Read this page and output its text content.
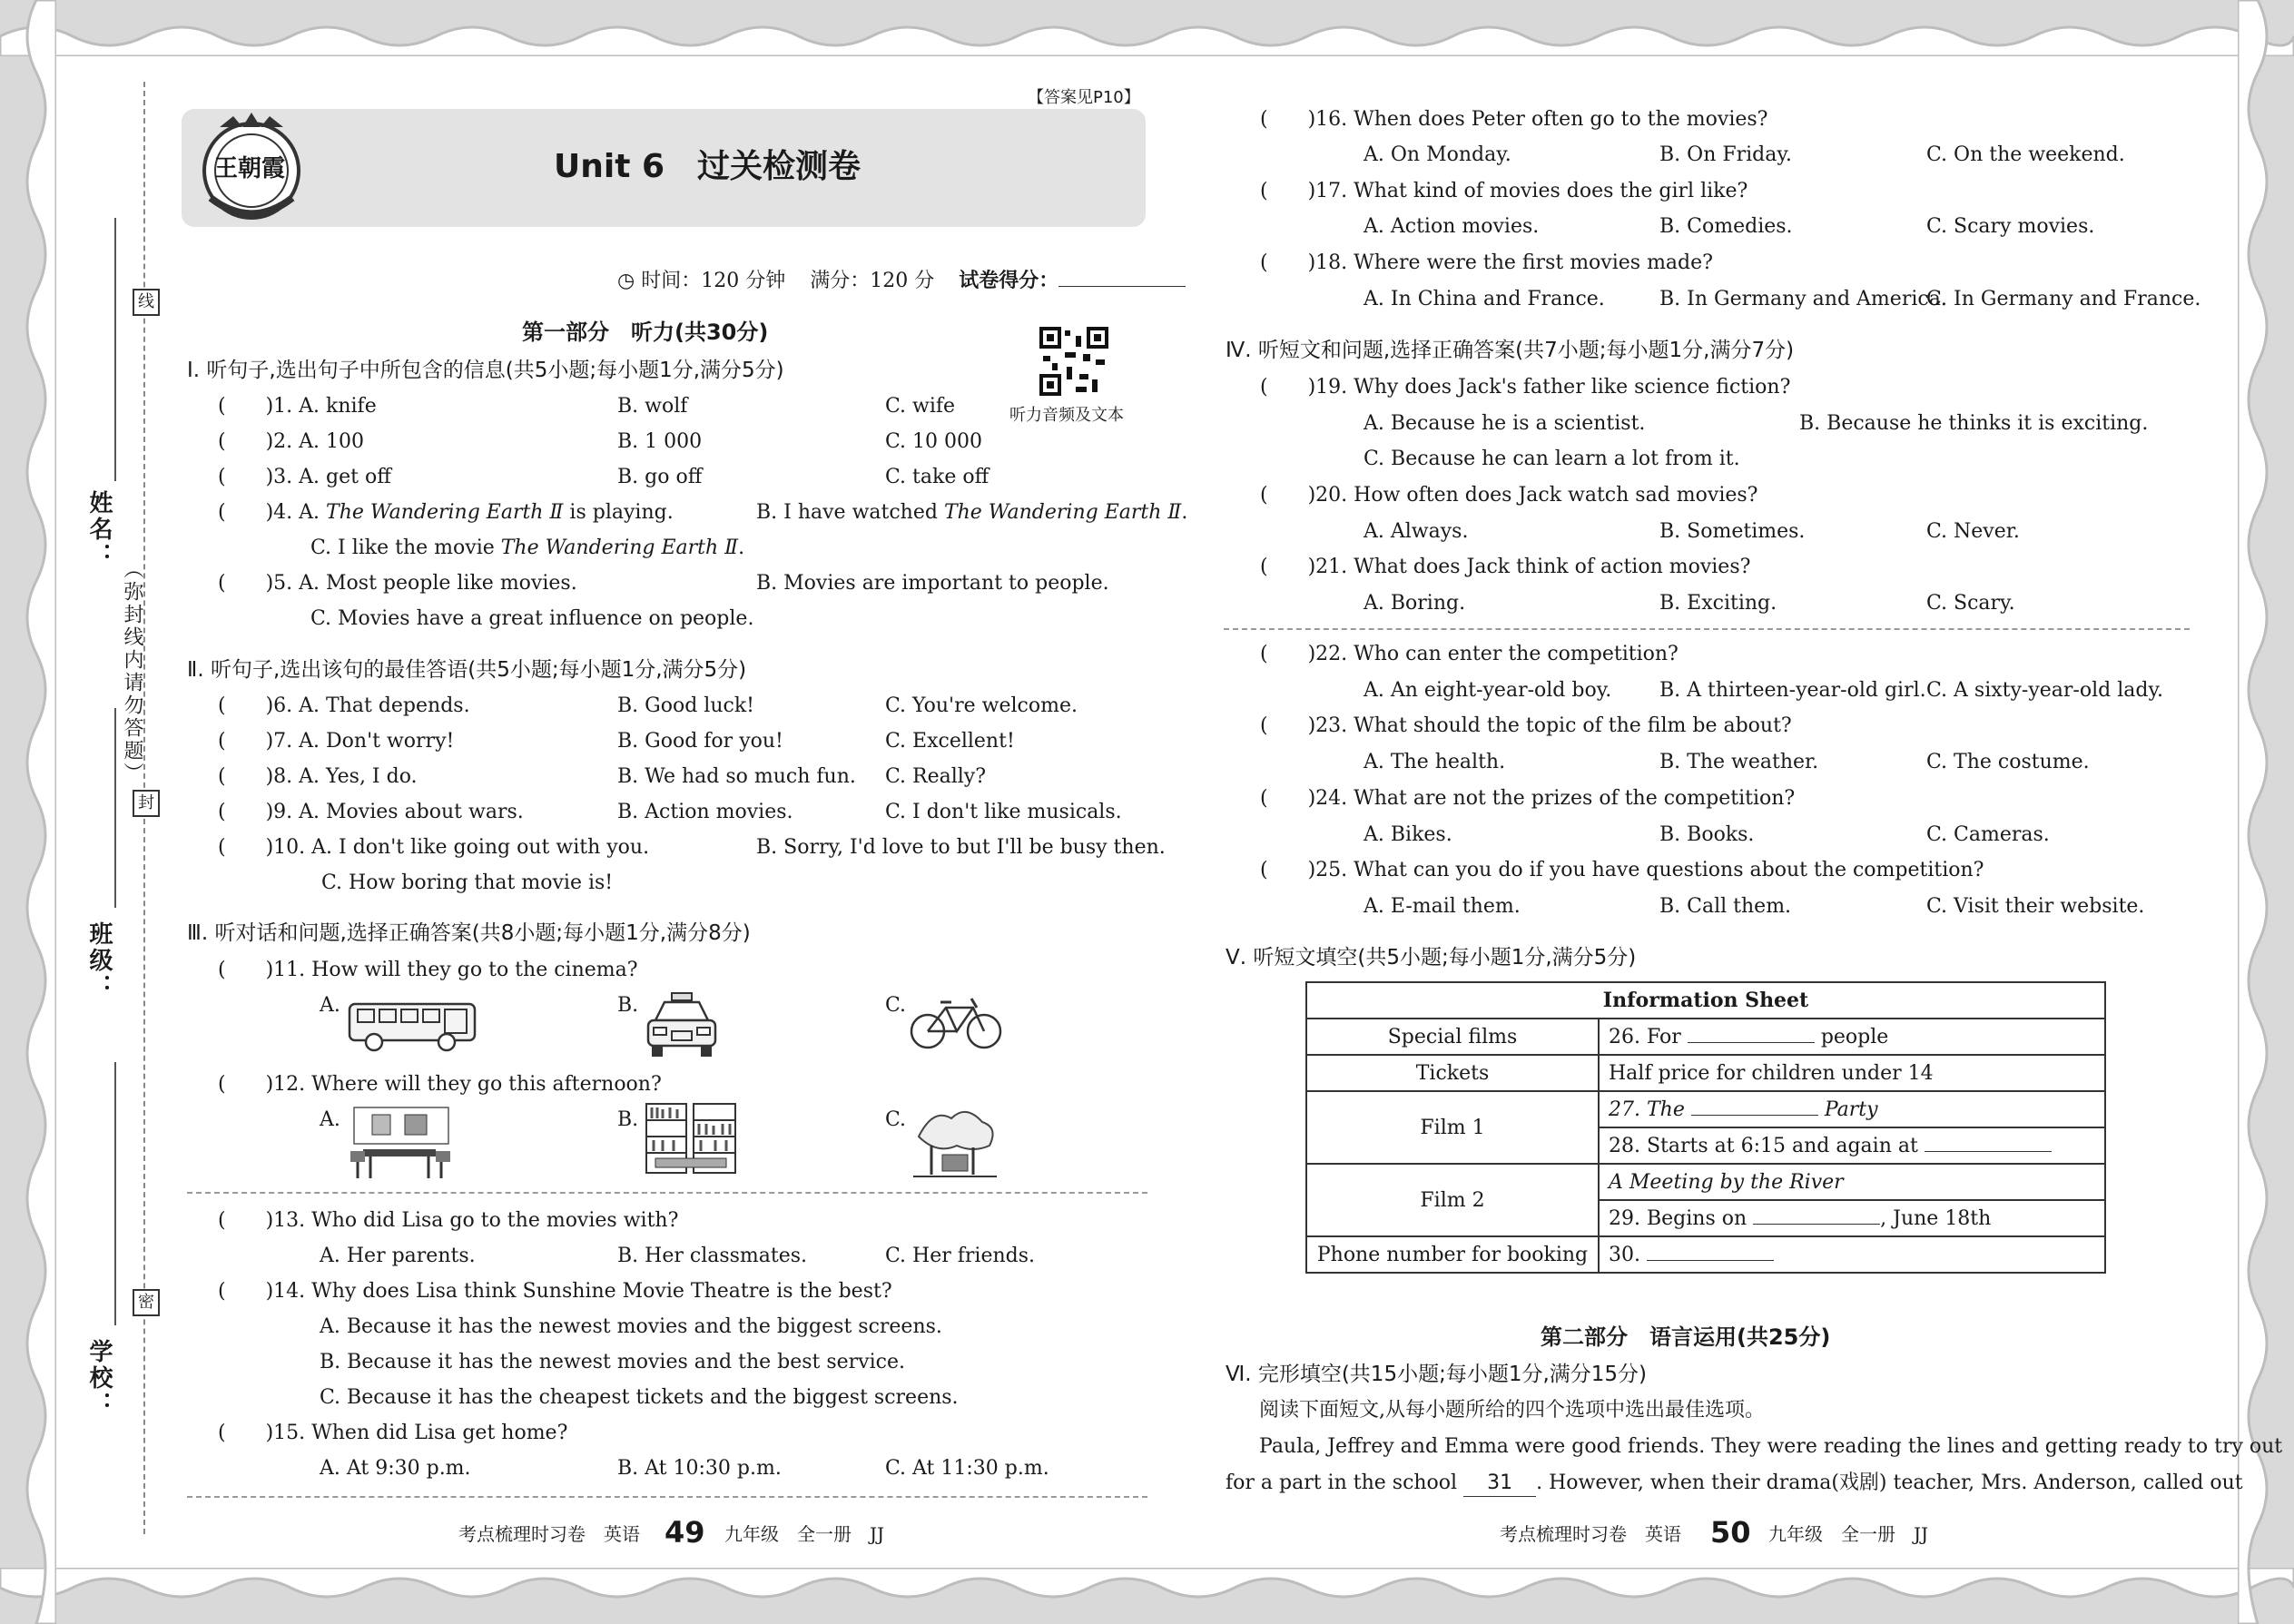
线
封
密
（弥封线内请勿答题）
姓名：
班级：
学校：
【答案见P10】
王朝霞	Unit 6　过关检测卷
◷ 时间：120 分钟 满分：120 分 试卷得分：
听力音频及文本
第一部分　听力(共30分)
Ⅰ. 听句子,选出句子中所包含的信息(共5小题;每小题1分,满分5分)
(　　)1. A. knife	B. wolf	C. wife
(　　)2. A. 100	B. 1 000	C. 10 000
(　　)3. A. get off	B. go off	C. take off
(　　)4. A. The Wandering Earth Ⅱ is playing.	B. I have watched The Wandering Earth Ⅱ.
C. I like the movie The Wandering Earth Ⅱ.
(　　)5. A. Most people like movies.	B. Movies are important to people.
C. Movies have a great influence on people.
Ⅱ. 听句子,选出该句的最佳答语(共5小题;每小题1分,满分5分)
(　　)6. A. That depends.	B. Good luck!	C. You're welcome.
(　　)7. A. Don't worry!	B. Good for you!	C. Excellent!
(　　)8. A. Yes, I do.	B. We had so much fun. C. Really?
(　　)9. A. Movies about wars.	B. Action movies.	C. I don't like musicals.
(　　)10. A. I don't like going out with you.	B. Sorry, I'd love to but I'll be busy then.
C. How boring that movie is!
Ⅲ. 听对话和问题,选择正确答案(共8小题;每小题1分,满分8分)
(　　)11. How will they go to the cinema?
A.	B.	C.
(　　)12. Where will they go this afternoon?
A.	B.	C.
(　　)13. Who did Lisa go to the movies with?
A. Her parents.	B. Her classmates.	C. Her friends.
(　　)14. Why does Lisa think Sunshine Movie Theatre is the best?
A. Because it has the newest movies and the biggest screens.
B. Because it has the newest movies and the best service.
C. Because it has the cheapest tickets and the biggest screens.
(　　)15. When did Lisa get home?
A. At 9:30 p.m.	B. At 10:30 p.m.	C. At 11:30 p.m.
考点梳理时习卷　英语 49 九年级　全一册　JJ
(　　)16. When does Peter often go to the movies?
A. On Monday.	B. On Friday.	C. On the weekend.
(　　)17. What kind of movies does the girl like?
A. Action movies.	B. Comedies.	C. Scary movies.
(　　)18. Where were the first movies made?
A. In China and France.	B. In Germany and America.
C. In Germany and France.
Ⅳ. 听短文和问题,选择正确答案(共7小题;每小题1分,满分7分)
(　　)19. Why does Jack's father like science fiction?
A. Because he is a scientist.	B. Because he thinks it is exciting.
C. Because he can learn a lot from it.
(　　)20. How often does Jack watch sad movies?
A. Always.	B. Sometimes.	C. Never.
(　　)21. What does Jack think of action movies?
A. Boring.	B. Exciting.	C. Scary.
(　　)22. Who can enter the competition?
A. An eight-year-old boy. B. A thirteen-year-old girl. C. A sixty-year-old lady.
(　　)23. What should the topic of the film be about?
A. The health.	B. The weather.	C. The costume.
(　　)24. What are not the prizes of the competition?
A. Bikes.	B. Books.	C. Cameras.
(　　)25. What can you do if you have questions about the competition?
A. E-mail them.	B. Call them.	C. Visit their website.
Ⅴ. 听短文填空(共5小题;每小题1分,满分5分)
Information Sheet	
Special films	26. For people
Tickets	Half price for children under 14
Film 1	27. The Party
	28. Starts at 6:15 and again at
Film 2	A Meeting by the River
	29. Begins on , June 18th
Phone number for booking	30.
第二部分　语言运用(共25分)
Ⅵ. 完形填空(共15小题;每小题1分,满分15分)
阅读下面短文,从每小题所给的四个选项中选出最佳选项。
Paula, Jeffrey and Emma were good friends. They were reading the lines and getting ready to try out
for a part in the school 31 . However, when their drama(戏剧) teacher, Mrs. Anderson, called out
考点梳理时习卷　英语 50 九年级　全一册　JJ
